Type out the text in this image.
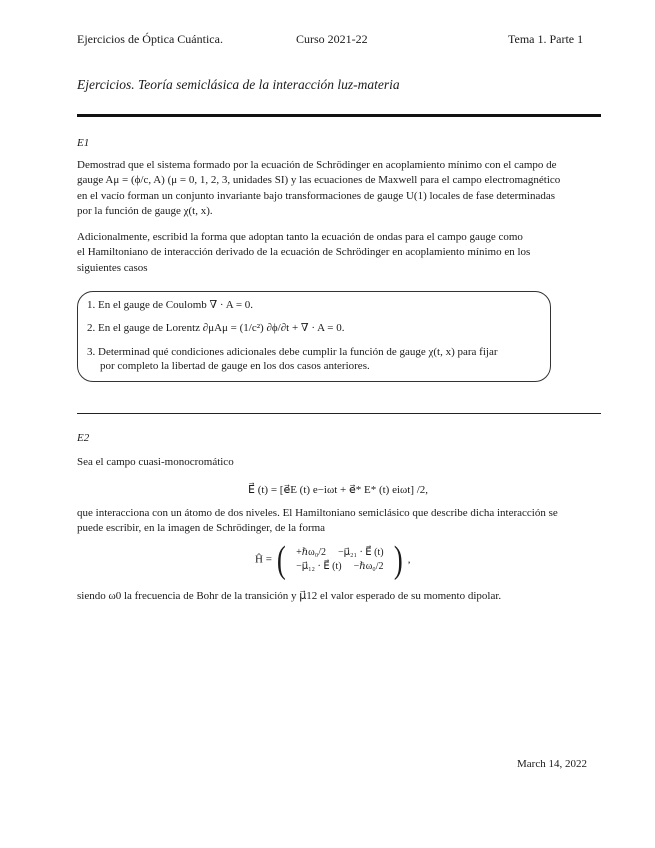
Ejercicios de Óptica Cuántica.	Curso 2021-22	Tema 1. Parte 1
Ejercicios. Teoría semiclásica de la interacción luz-materia
E1
Demostrad que el sistema formado por la ecuación de Schrödinger en acoplamiento mínimo con el campo de
gauge Aμ = (ϕ/c, A) (μ = 0, 1, 2, 3, unidades SI) y las ecuaciones de Maxwell para el campo electromagnético
en el vacío forman un conjunto invariante bajo transformaciones de gauge U(1) locales de fase determinadas
por la función de gauge χ(t, x).
Adicionalmente, escribid la forma que adoptan tanto la ecuación de ondas para el campo gauge como
el Hamiltoniano de interacción derivado de la ecuación de Schrödinger en acoplamiento mínimo en los
siguientes casos
1. En el gauge de Coulomb ∇ · A = 0.
2. En el gauge de Lorentz ∂μAμ = (1/c²) ∂ϕ/∂t + ∇ · A = 0.
3. Determinad qué condiciones adicionales debe cumplir la función de gauge χ(t, x) para fijar
por completo la libertad de gauge en los dos casos anteriores.
E2
Sea el campo cuasi-monocromático
E⃗ (t) = [e⃗E (t) e−iωt + e⃗* E* (t) eiωt] /2,
que interacciona con un átomo de dos niveles. El Hamiltoniano semiclásico que describe dicha interacción se
puede escribir, en la imagen de Schrödinger, de la forma
Ĥ = (	+ℏω₀/2	−μ⃗₂₁ · E⃗ (t)
−μ⃗₁₂ · E⃗ (t)	−ℏω₀/2 ) ,
siendo ω0 la frecuencia de Bohr de la transición y μ⃗12 el valor esperado de su momento dipolar.
March 14, 2022
